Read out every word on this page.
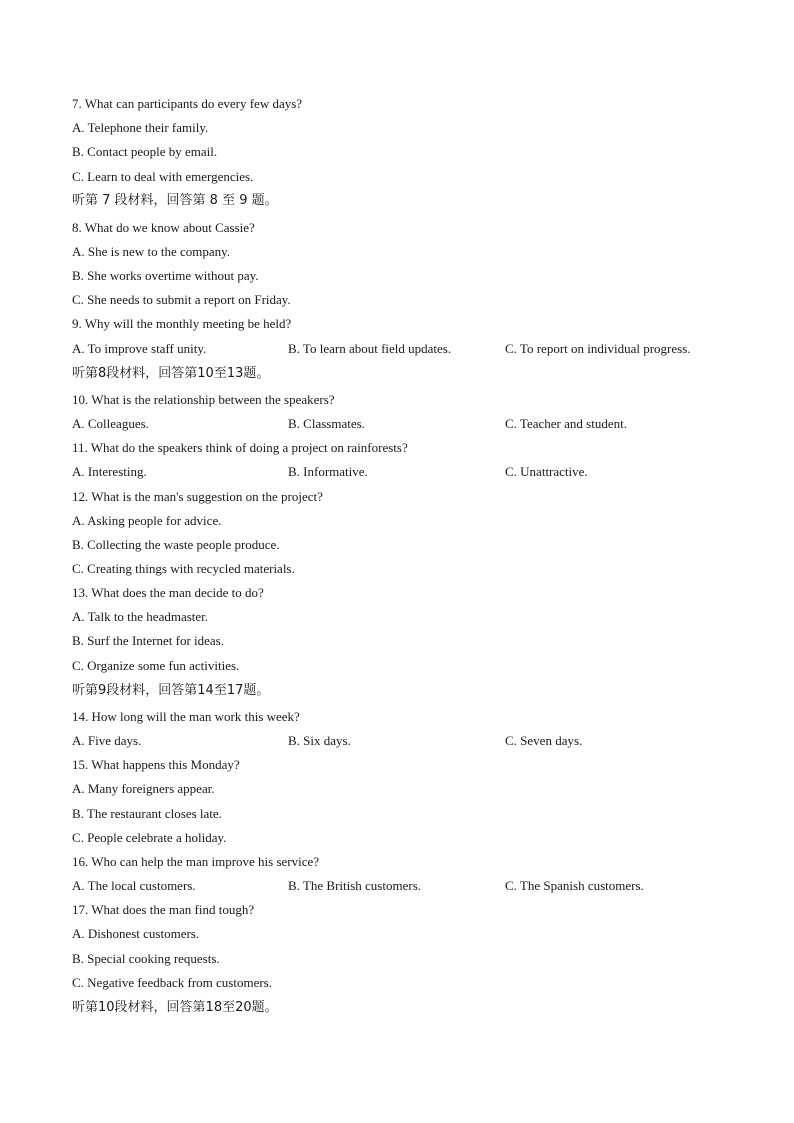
7. What can participants do every few days?
A. Telephone their family.
B. Contact people by email.
C. Learn to deal with emergencies.
听第 7 段材料，回答第 8 至 9 题。
8. What do we know about Cassie?
A. She is new to the company.
B. She works overtime without pay.
C. She needs to submit a report on Friday.
9. Why will the monthly meeting be held?
A. To improve staff unity.	B. To learn about field updates.	C. To report on individual progress.
听第8段材料，回答第10至13题。
10. What is the relationship between the speakers?
A. Colleagues.	B. Classmates.	C. Teacher and student.
11. What do the speakers think of doing a project on rainforests?
A. Interesting.	B. Informative.	C. Unattractive.
12. What is the man's suggestion on the project?
A. Asking people for advice.
B. Collecting the waste people produce.
C. Creating things with recycled materials.
13. What does the man decide to do?
A. Talk to the headmaster.
B. Surf the Internet for ideas.
C. Organize some fun activities.
听第9段材料，回答第14至17题。
14. How long will the man work this week?
A. Five days.	B. Six days.	C. Seven days.
15. What happens this Monday?
A. Many foreigners appear.
B. The restaurant closes late.
C. People celebrate a holiday.
16. Who can help the man improve his service?
A. The local customers.	B. The British customers.	C. The Spanish customers.
17. What does the man find tough?
A. Dishonest customers.
B. Special cooking requests.
C. Negative feedback from customers.
听第10段材料，回答第18至20题。
